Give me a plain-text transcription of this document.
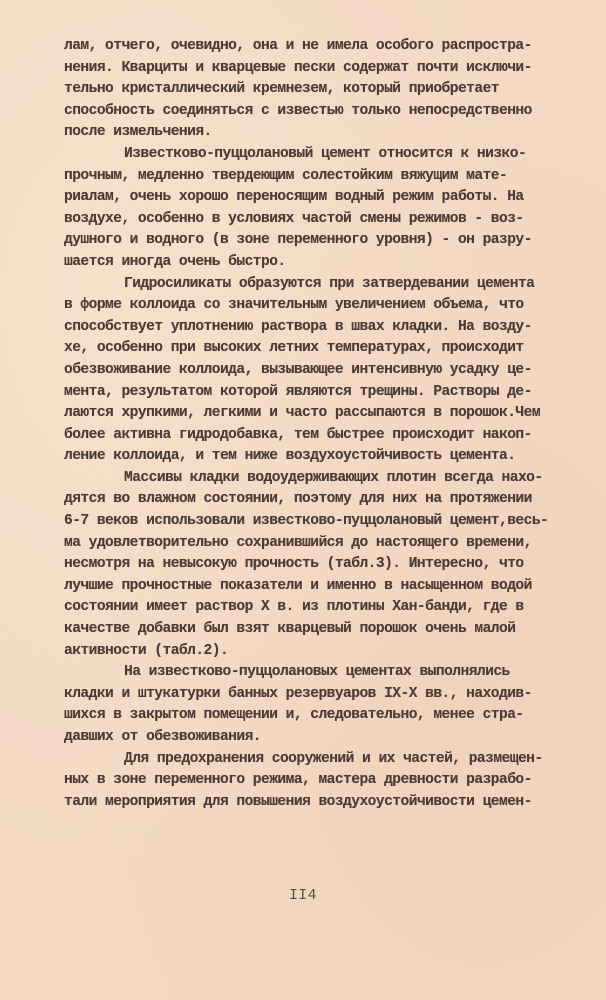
лам, отчего, очевидно, она и не имела особого распростра-
нения. Кварциты и кварцевые пески содержат почти исключи-
тельно кристаллический кремнезем, который приобретает
способность соединяться с известью только непосредственно
после измельчения.
Известково-пуццолановый цемент относится к низко-
прочным, медленно твердеющим солестойким вяжущим мате-
риалам, очень хорошо переносящим водный режим работы. На
воздухе, особенно в условиях частой смены режимов - воз-
душного и водного (в зоне переменного уровня) - он разру-
шается иногда очень быстро.
Гидросиликаты образуются при затвердевании цемента
в форме коллоида со значительным увеличением объема, что
способствует уплотнению раствора в швах кладки. На возду-
хе, особенно при высоких летних температурах, происходит
обезвоживание коллоида, вызывающее интенсивную усадку це-
мента, результатом которой являются трещины. Растворы де-
лаются хрупкими, легкими и часто рассыпаются в порошок.Чем
более активна гидродобавка, тем быстрее происходит накоп-
ление коллоида, и тем ниже воздухоустойчивость цемента.
Массивы кладки водоудерживающих плотин всегда нахо-
дятся во влажном состоянии, поэтому для них на протяжении
6-7 веков использовали известково-пуццолановый цемент,весь-
ма удовлетворительно сохранившийся до настоящего времени,
несмотря на невысокую прочность (табл.3). Интересно, что
лучшие прочностные показатели и именно в насыщенном водой
состоянии имеет раствор X в. из плотины Хан-банди, где в
качестве добавки был взят кварцевый порошок очень малой
активности (табл.2).
На известково-пуццолановых цементах выполнялись
кладки и штукатурки банных резервуаров IX-X вв., находив-
шихся в закрытом помещении и, следовательно, менее стра-
давших от обезвоживания.
Для предохранения сооружений и их частей, размещен-
ных в зоне переменного режима, мастера древности разрабо-
тали мероприятия для повышения воздухоустойчивости цемен-
II4
